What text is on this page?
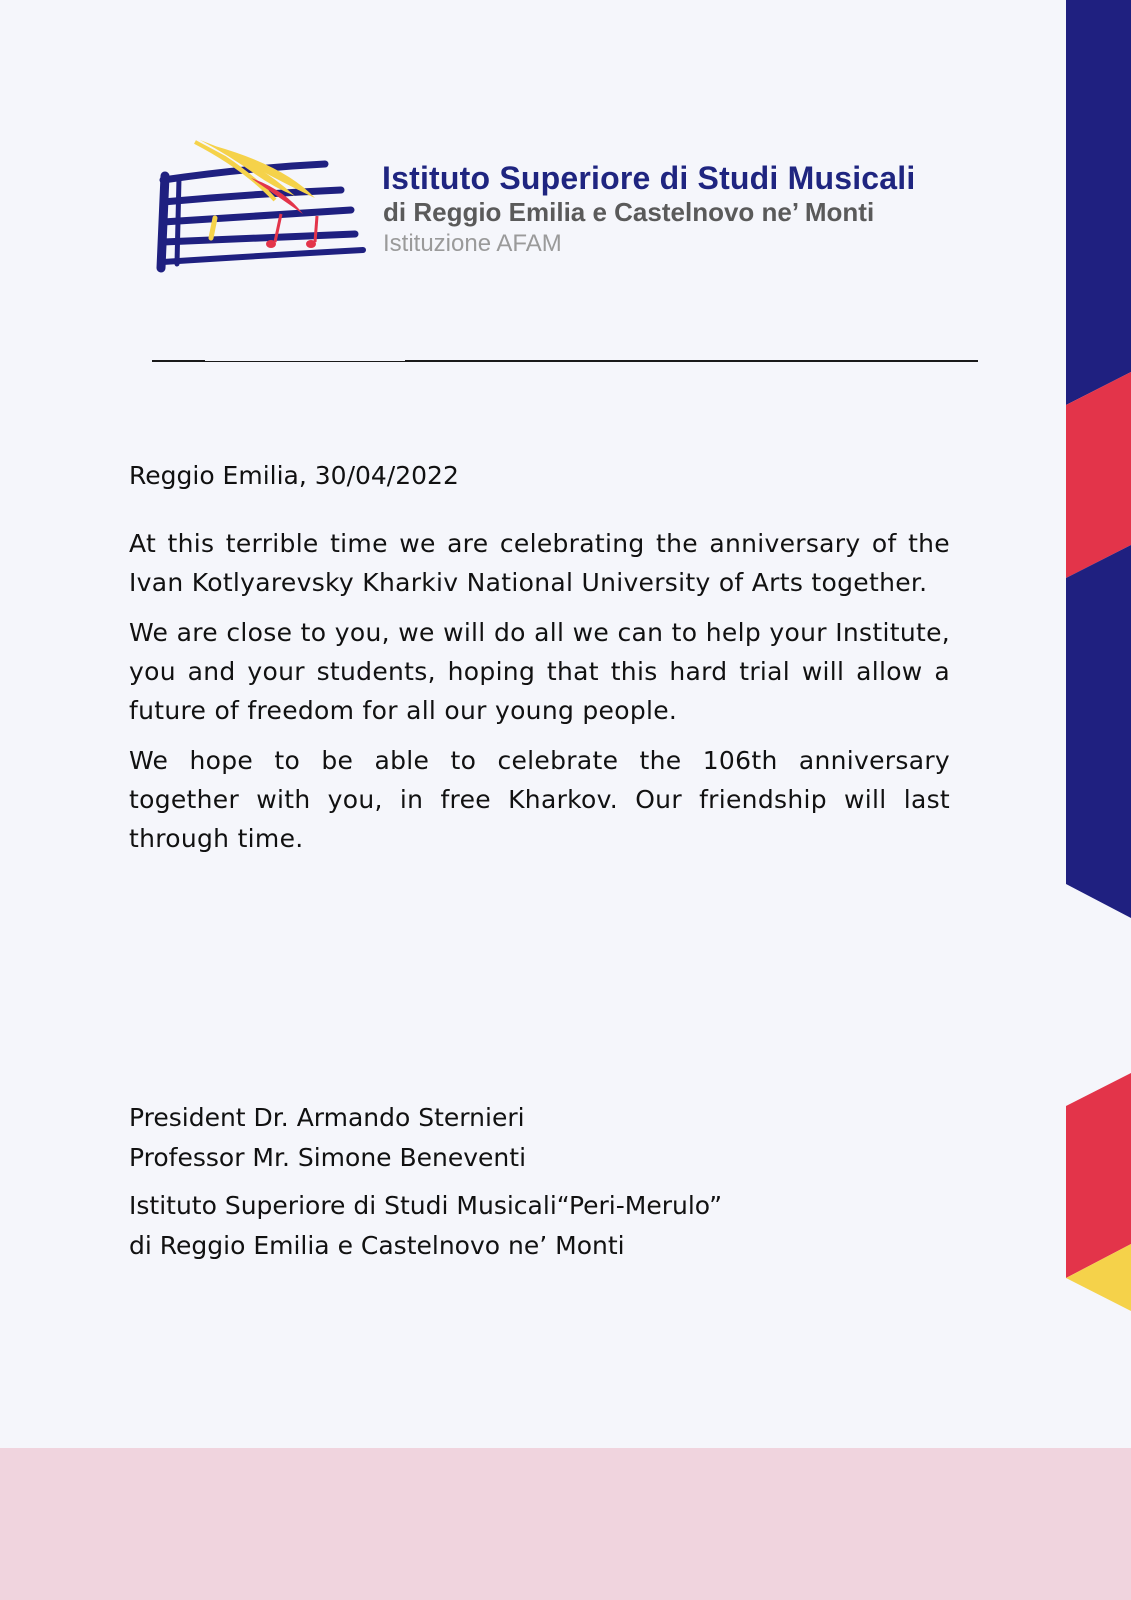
Istituto Superiore di Studi Musicali
di Reggio Emilia e Castelnovo ne’ Monti
Istituzione AFAM
Reggio Emilia, 30/04/2022

At this terrible time we are celebrating the anniversary of the Ivan Kotlyarevsky Kharkiv National University of Arts together.

We are close to you, we will do all we can to help your Institute, you and your students, hoping that this hard trial will allow a future of freedom for all our young people.

We hope to be able to celebrate the 106th anniversary together with you, in free Kharkov. Our friendship will last through time.

President Dr. Armando Sternieri
Professor Mr. Simone Beneventi
Istituto Superiore di Studi Musicali“Peri-Merulo”
di Reggio Emilia e Castelnovo ne’ Monti
